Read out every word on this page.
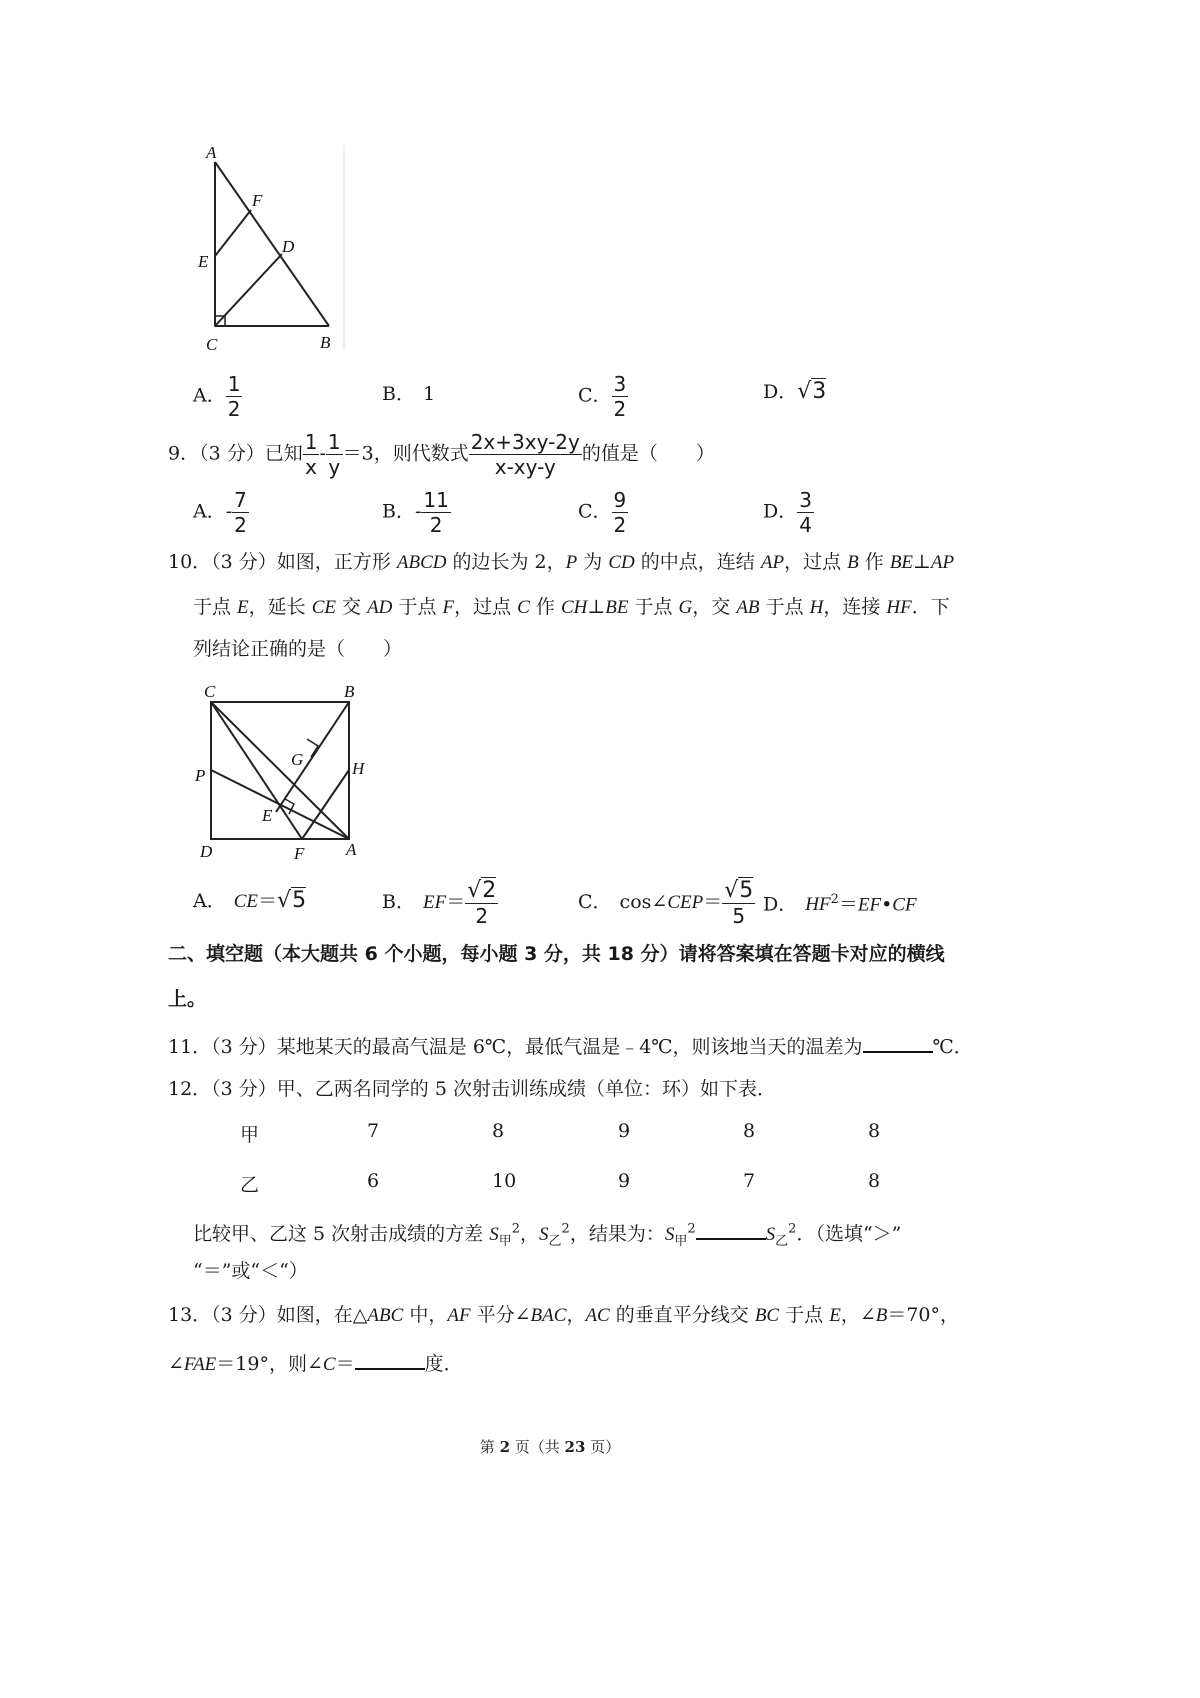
A
F
E
D
C	B
A． $\frac{1}{2}$	B． 1	C． $\frac{3}{2}$	D．√3
9．（3 分）已知 $\frac{1}{x} - \frac{1}{y} =3$，则代数式 $\frac{2x+3xy-2y}{x-xy-y}$ 的值是（　　）
A．- $\frac{7}{2}$	B．- $\frac{11}{2}$	C． $\frac{9}{2}$	D． $\frac{3}{4}$
10．（3 分）如图，正方形 ABCD 的边长为 2，P 为 CD 的中点，连结 AP，过点 B 作 BE⊥AP
于点 E，延长 CE 交 AD 于点 F，过点 C 作 CH⊥BE 于点 G，交 AB 于点 H，连接 HF．下
列结论正确的是（　　）
C	B
G
P	H
E
D	F A
A． CE＝√5	B． $EF= \frac{√2}{2}$	C． cos∠CEP＝ $\frac{√5}{5}$ D． $HF^2=EF•CF$
二、填空题（本大题共 6 个小题，每小题 3 分，共 18 分）请将答案填在答题卡对应的横线
上。
11．（3 分）某地某天的最高气温是 6℃，最低气温是﹣4℃，则该地当天的温差为	℃．
12．（3 分）甲、乙两名同学的 5 次射击训练成绩（单位：环）如下表．
甲	7	8	9	8	8
乙	6	10	9	7	8
比较甲、乙这 5 次射击成绩的方差 $S_甲^2$，$S_乙^2$，结果为：$S_甲^2$	$S_乙^2$．（选填“＞”
“＝”或“＜“）
13．（3 分）如图，在△ABC 中，AF 平分∠BAC，AC 的垂直平分线交 BC 于点 E，∠B＝70°，
∠FAE＝19°，则∠C＝	度．
第 2 页（共 23 页）
